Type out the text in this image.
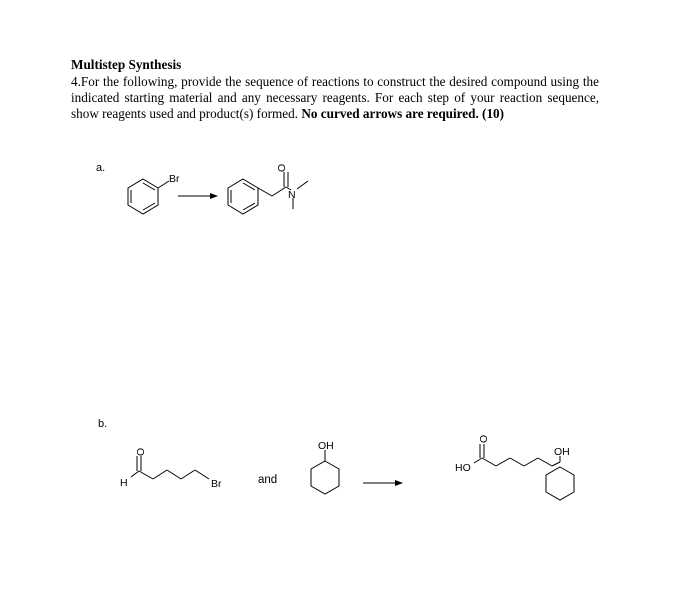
Multistep Synthesis
4.For the following, provide the sequence of reactions to construct the desired compound using the indicated starting material and any necessary reagents. For each step of your reaction sequence, show reagents used and product(s) formed. No curved arrows are required. (10)
a.
b.
Br
O
N
O
H	Br	and
OH
O
HO
OH
